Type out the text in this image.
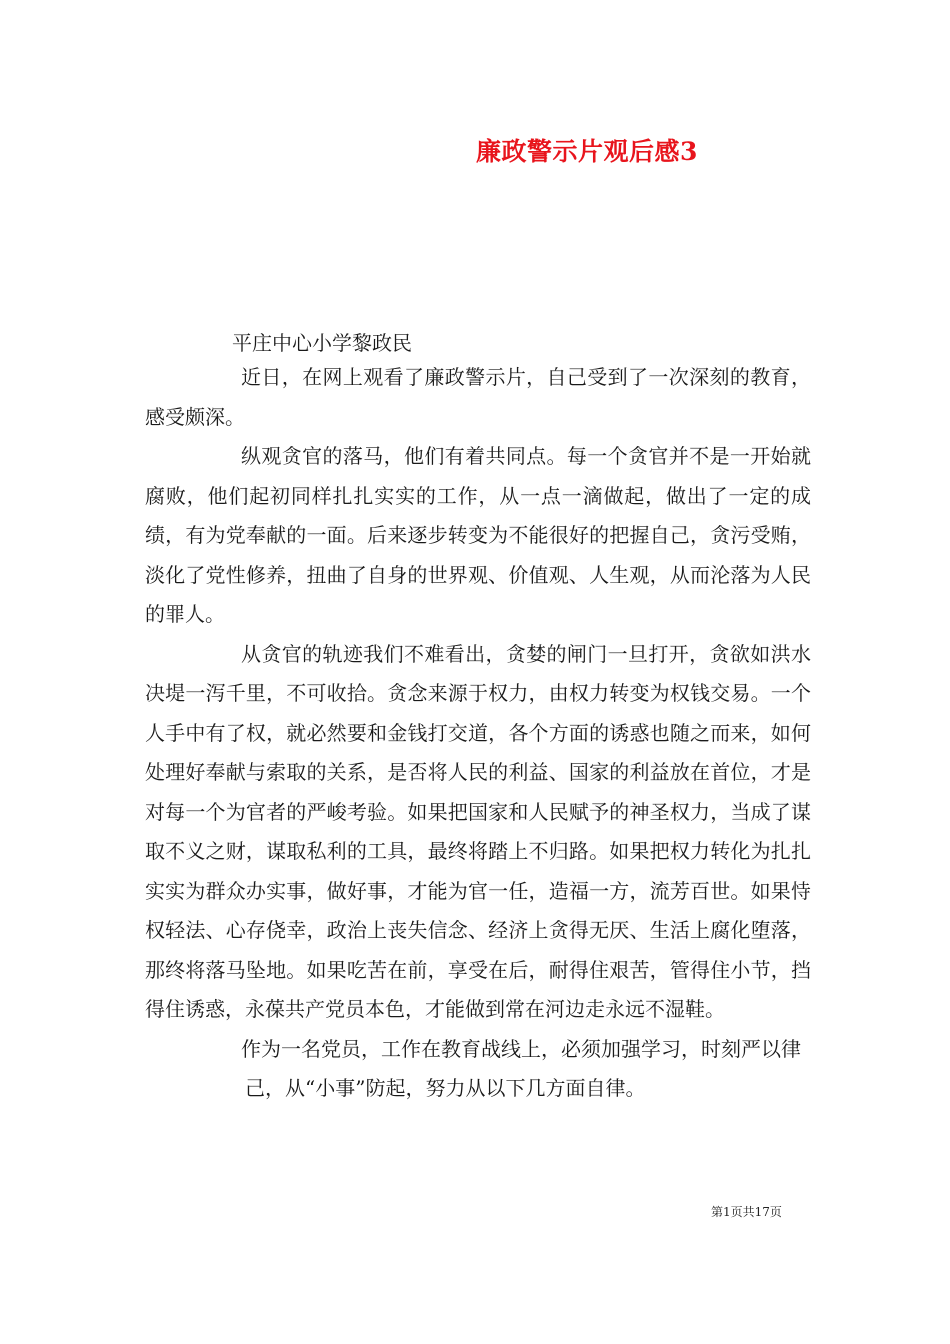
廉政警示片观后感3
平庄中心小学黎政民

近日，在网上观看了廉政警示片，自己受到了一次深刻的教育，感受颇深。

纵观贪官的落马，他们有着共同点。每一个贪官并不是一开始就腐败，他们起初同样扎扎实实的工作，从一点一滴做起，做出了一定的成绩，有为党奉献的一面。后来逐步转变为不能很好的把握自己，贪污受贿，淡化了党性修养，扭曲了自身的世界观、价值观、人生观，从而沦落为人民的罪人。

从贪官的轨迹我们不难看出，贪婪的闸门一旦打开，贪欲如洪水决堤一泻千里，不可收拾。贪念来源于权力，由权力转变为权钱交易。一个人手中有了权，就必然要和金钱打交道，各个方面的诱惑也随之而来，如何处理好奉献与索取的关系，是否将人民的利益、国家的利益放在首位，才是对每一个为官者的严峻考验。如果把国家和人民赋予的神圣权力，当成了谋取不义之财，谋取私利的工具，最终将踏上不归路。如果把权力转化为扎扎实实为群众办实事，做好事，才能为官一任，造福一方，流芳百世。如果恃权轻法、心存侥幸，政治上丧失信念、经济上贪得无厌、生活上腐化堕落，那终将落马坠地。如果吃苦在前，享受在后，耐得住艰苦，管得住小节，挡得住诱惑，永葆共产党员本色，才能做到常在河边走永远不湿鞋。

作为一名党员，工作在教育战线上，必须加强学习，时刻严以律

己，从“小事”防起，努力从以下几方面自律。

第1页共17页
